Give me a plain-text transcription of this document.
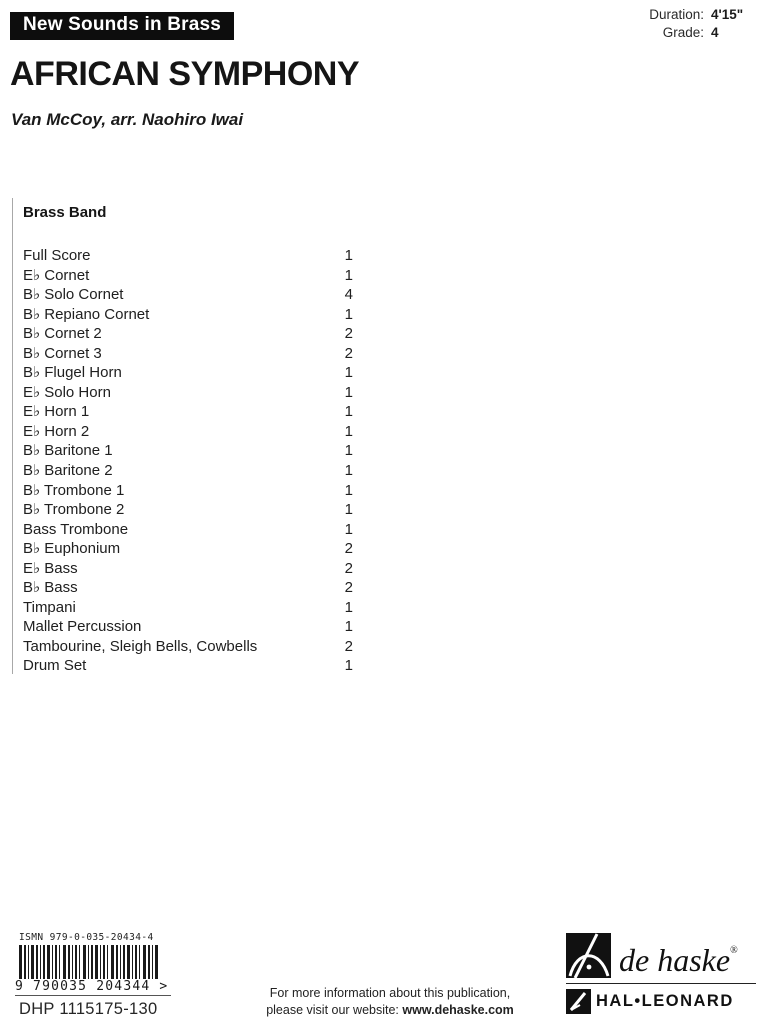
New Sounds in Brass	Duration: 4'15"
Grade: 4
AFRICAN SYMPHONY
Van McCoy, arr. Naohiro Iwai
Brass Band
Full Score	1
E♭ Cornet	1
B♭ Solo Cornet	4
B♭ Repiano Cornet	1
B♭ Cornet 2	2
B♭ Cornet 3	2
B♭ Flugel Horn	1
E♭ Solo Horn	1
E♭ Horn 1	1
E♭ Horn 2	1
B♭ Baritone 1	1
B♭ Baritone 2	1
B♭ Trombone 1	1
B♭ Trombone 2	1
Bass Trombone	1
B♭ Euphonium	2
E♭ Bass	2
B♭ Bass	2
Timpani	1
Mallet Percussion	1
Tambourine, Sleigh Bells, Cowbells	2
Drum Set	1
ISMN 979-0-035-20434-4
9 790035 204344 >
DHP 1115175-130
For more information about this publication,
please visit our website: www.dehaske.com
de haske®
HAL•LEONARD
